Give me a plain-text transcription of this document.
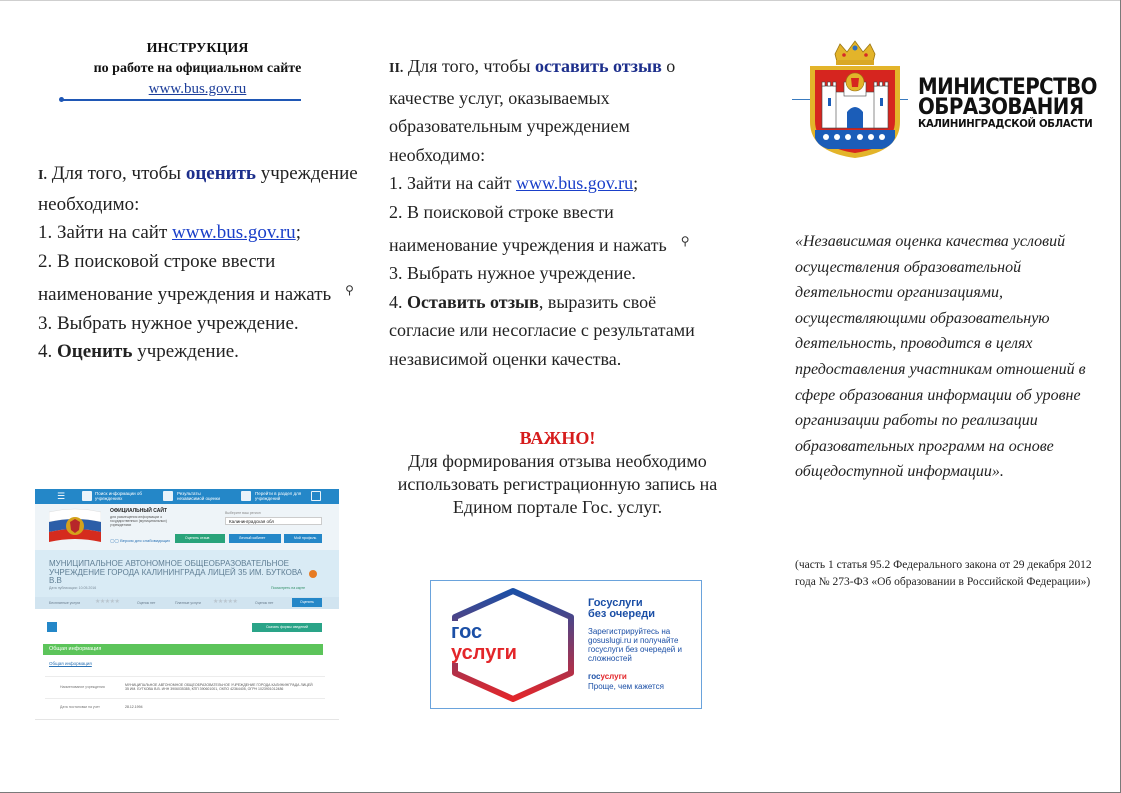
ИНСТРУКЦИЯ
по работе на официальном сайте
www.bus.gov.ru
I. Для того, чтобы оценить учреждение необходимо:
1. Зайти на сайт www.bus.gov.ru;
2. В поисковой строке ввести наименование учреждения и нажать ⚲
3. Выбрать нужное учреждение.
4. Оценить учреждение.
☰	Поиск информации об учреждениях
Результаты независимой оценки
Перейти в раздел для учреждений
ОФИЦИАЛЬНЫЙ САЙТ
для размещения информации о государственных (муниципальных) учреждениях
◯◯ Версия для слабовидящих
Выберите ваш регион
Калининградская обл
Оценить отзыв	Личный кабинет	Мой профиль
МУНИЦИПАЛЬНОЕ АВТОНОМНОЕ ОБЩЕОБРАЗОВАТЕЛЬНОЕ УЧРЕЖДЕНИЕ ГОРОДА КАЛИНИНГРАДА ЛИЦЕЙ 35 ИМ. БУТКОВА В.В
Дата публикации: 10.05.2016	Посмотреть на карте
Бесплатные услуги ★★★★★	Оценок нет	Платные услуги ★★★★★	Оценок нет	Оценить
Скачать формы сведений
Общая информация
Общая информация
Наименование учреждения	МУНИЦИПАЛЬНОЕ АВТОНОМНОЕ ОБЩЕОБРАЗОВАТЕЛЬНОЕ УЧРЕЖДЕНИЕ ГОРОДА КАЛИНИНГРАДА ЛИЦЕЙ 35 ИМ. БУТКОВА В.В. ИНН 3906035385, КПП 390601001, ОКПО 42364405, ОГРН 1023901012486
Дата постановки на учет	28.12.1994
II. Для того, чтобы оставить отзыв о качестве услуг, оказываемых образовательным учреждением необходимо:
1. Зайти на сайт www.bus.gov.ru;
2. В поисковой строке ввести наименование учреждения и нажать ⚲
3. Выбрать нужное учреждение.
4. Оставить отзыв, выразить своё согласие или несогласие с результатами независимой оценки качества.
ВАЖНО!
Для формирования отзыва необходимо использовать регистрационную запись на Едином портале Гос. услуг.
гос
услуги
Госуслуги
без очереди
Зарегистрируйтесь на gosuslugi.ru и получайте госуслуги без очередей и сложностей
госуслуги
Проще, чем кажется
МИНИСТЕРСТВО
ОБРАЗОВАНИЯ
КАЛИНИНГРАДСКОЙ ОБЛАСТИ
«Независимая оценка качества условий осуществления образовательной деятельности организациями, осуществляющими образовательную деятельность, проводится в целях предоставления участникам отношений в сфере образования информации об уровне организации работы по реализации образовательных программ на основе общедоступной информации».
(часть 1 статья 95.2 Федерального закона от 29 декабря 2012 года № 273-ФЗ «Об образовании в Российской Федерации»)
